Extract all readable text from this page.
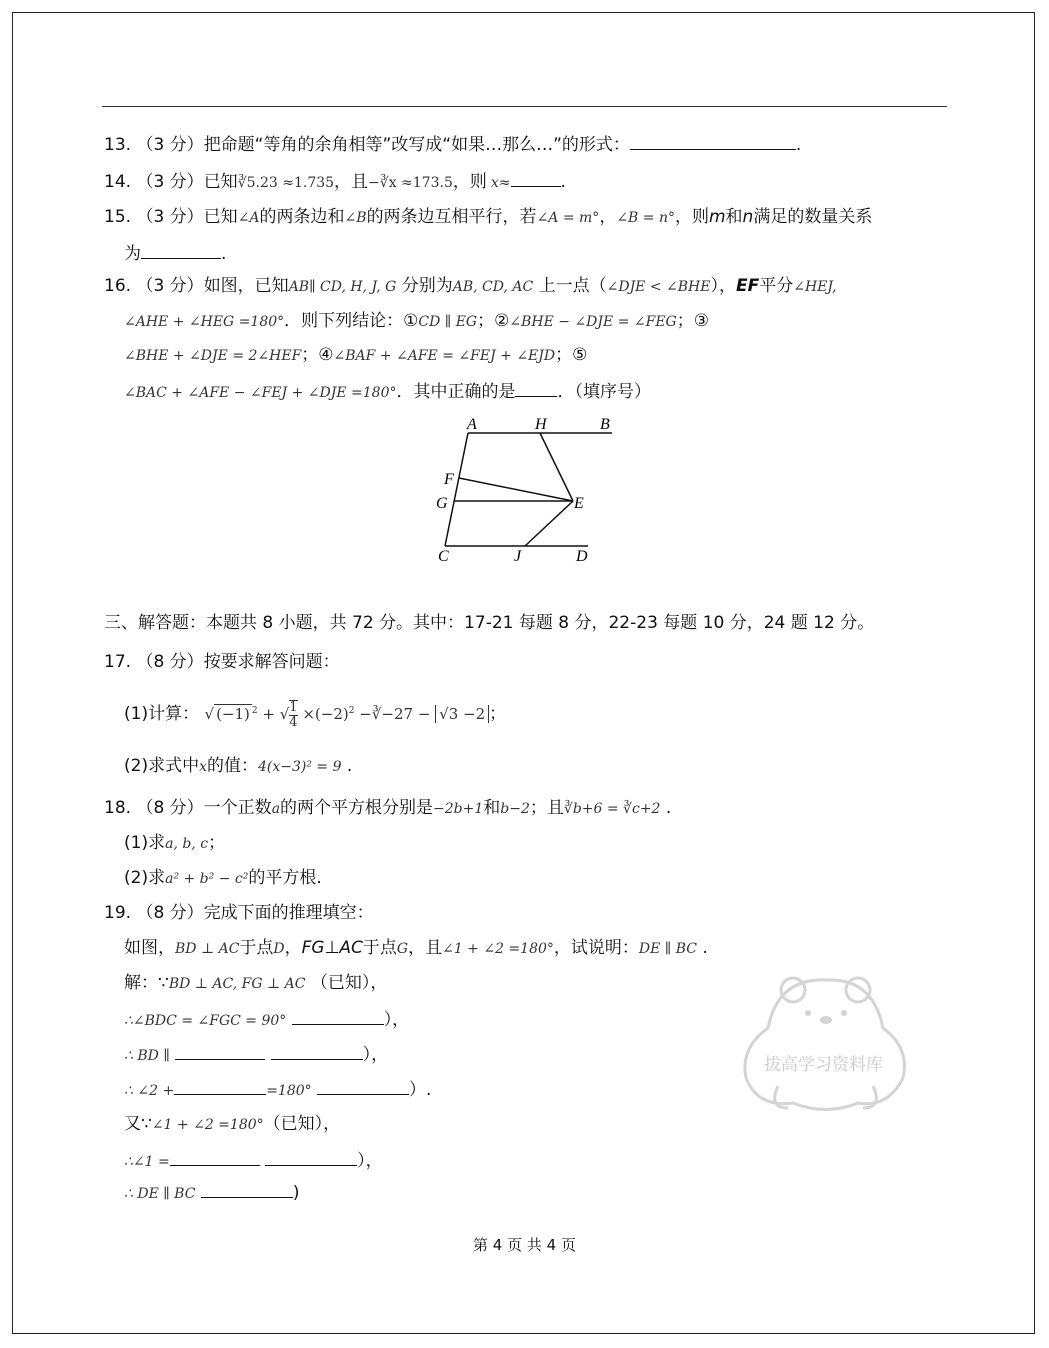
13. （3 分）把命题“等角的余角相等”改写成“如果…那么…”的形式：	.
14. （3 分）已知∛5.23 ≈1.735，且−∛x ≈173.5，则 x≈	.
15. （3 分）已知∠A的两条边和∠B的两条边互相平行，若∠A = m°，∠B = n°，则m和n满足的数量关系
为	.
16. （3 分）如图，已知AB∥ CD, H, J, G 分别为AB, CD, AC 上一点（∠DJE < ∠BHE），EF平分∠HEJ,
∠AHE + ∠HEG =180°．则下列结论：①CD ∥ EG；②∠BHE − ∠DJE = ∠FEG；③
∠BHE + ∠DJE = 2∠HEF；④∠BAF + ∠AFE = ∠FEJ + ∠EJD；⑤
∠BAC + ∠AFE − ∠FEJ + ∠DJE =180°．其中正确的是 ．（填序号）
A	H	B
F
G	E
C	J	D
三、解答题：本题共 8 小题，共 72 分。其中：17-21 每题 8 分，22-23 每题 10 分，24 题 12 分。
17. （8 分）按要求解答问题：
(1)计算： √ (−1) $^2$ + √ $\frac{1}{4} \times(-2)^2$ −∛−27 − √3 −2 ；
(2)求式中x的值：4(x−3)² = 9 .
18. （8 分）一个正数a的两个平方根分别是−2b+1和b−2；且∛b+6 = ∛c+2 .
(1)求a, b, c；
(2)求a² + b² − c²的平方根.
19. （8 分）完成下面的推理填空：
如图，BD ⊥ AC于点D，FG⊥AC于点G，且∠1 + ∠2 =180°，试说明：DE ∥ BC .
解：∵BD ⊥ AC, FG ⊥ AC （已知），
∴∠BDC = ∠FGC = 90°	），
∴ BD ∥	），
∴ ∠2 +	=180°	）.
又∵∠1 + ∠2 =180°（已知），
∴∠1 =	），
∴ DE ∥ BC	)
拔高学习资料库
第 4 页 共 4 页
